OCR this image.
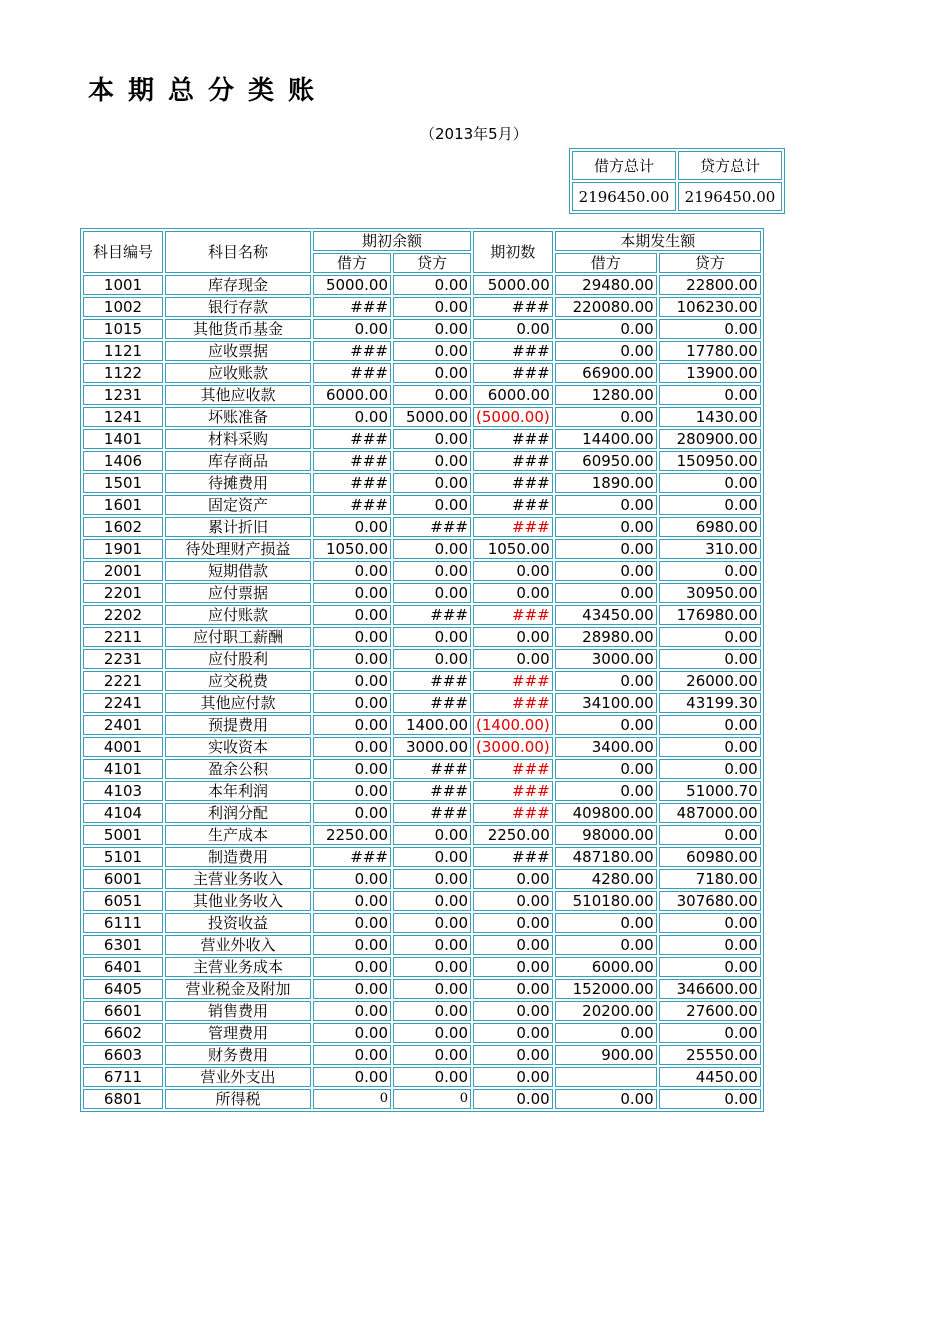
本期总分类账
（2013年5月）
借方总计	贷方总计
2196450.00	2196450.00
科目编号	科目名称	期初余额		期初数	本期发生额	
		借方	贷方		借方	贷方
1001	库存现金	5000.00	0.00	5000.00	29480.00	22800.00
1002	银行存款	###	0.00	###	220080.00	106230.00
1015	其他货币基金	0.00	0.00	0.00	0.00	0.00
1121	应收票据	###	0.00	###	0.00	17780.00
1122	应收账款	###	0.00	###	66900.00	13900.00
1231	其他应收款	6000.00	0.00	6000.00	1280.00	0.00
1241	坏账准备	0.00	5000.00	(5000.00)	0.00	1430.00
1401	材料采购	###	0.00	###	14400.00	280900.00
1406	库存商品	###	0.00	###	60950.00	150950.00
1501	待摊费用	###	0.00	###	1890.00	0.00
1601	固定资产	###	0.00	###	0.00	0.00
1602	累计折旧	0.00	###	###	0.00	6980.00
1901	待处理财产损益	1050.00	0.00	1050.00	0.00	310.00
2001	短期借款	0.00	0.00	0.00	0.00	0.00
2201	应付票据	0.00	0.00	0.00	0.00	30950.00
2202	应付账款	0.00	###	###	43450.00	176980.00
2211	应付职工薪酬	0.00	0.00	0.00	28980.00	0.00
2231	应付股利	0.00	0.00	0.00	3000.00	0.00
2221	应交税费	0.00	###	###	0.00	26000.00
2241	其他应付款	0.00	###	###	34100.00	43199.30
2401	预提费用	0.00	1400.00	(1400.00)	0.00	0.00
4001	实收资本	0.00	3000.00	(3000.00)	3400.00	0.00
4101	盈余公积	0.00	###	###	0.00	0.00
4103	本年利润	0.00	###	###	0.00	51000.70
4104	利润分配	0.00	###	###	409800.00	487000.00
5001	生产成本	2250.00	0.00	2250.00	98000.00	0.00
5101	制造费用	###	0.00	###	487180.00	60980.00
6001	主营业务收入	0.00	0.00	0.00	4280.00	7180.00
6051	其他业务收入	0.00	0.00	0.00	510180.00	307680.00
6111	投资收益	0.00	0.00	0.00	0.00	0.00
6301	营业外收入	0.00	0.00	0.00	0.00	0.00
6401	主营业务成本	0.00	0.00	0.00	6000.00	0.00
6405	营业税金及附加	0.00	0.00	0.00	152000.00	346600.00
6601	销售费用	0.00	0.00	0.00	20200.00	27600.00
6602	管理费用	0.00	0.00	0.00	0.00	0.00
6603	财务费用	0.00	0.00	0.00	900.00	25550.00
6711	营业外支出	0.00	0.00	0.00		4450.00
6801	所得税	0	0	0.00	0.00	0.00
